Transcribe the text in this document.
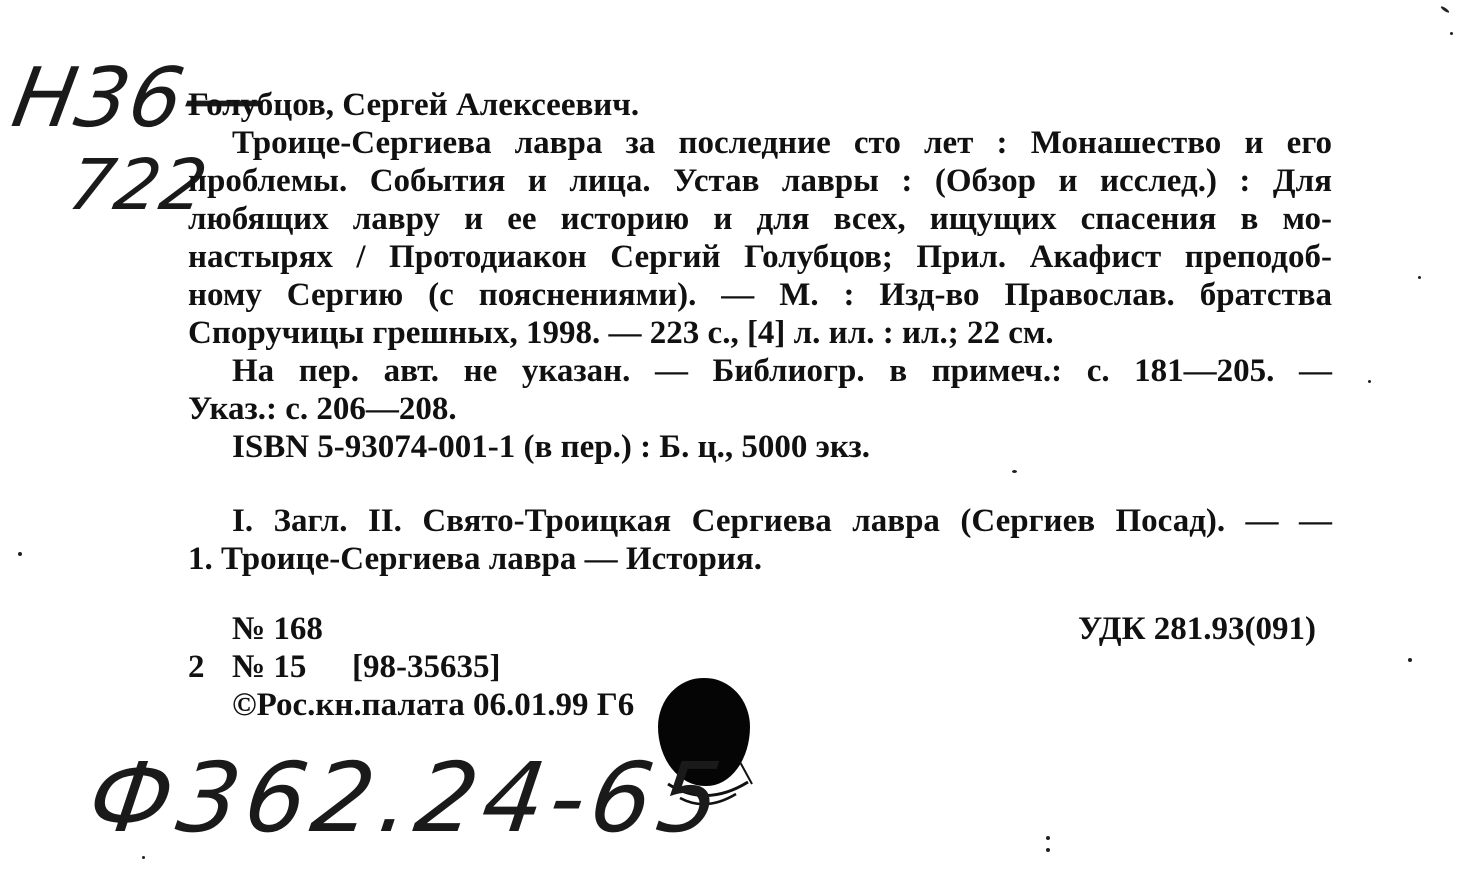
Н36—
722
Голубцов, Сергей Алексеевич.
Троице-Сергиева лавра за последние сто лет : Монашество и его
проблемы. События и лица. Устав лавры : (Обзор и исслед.) : Для
любящих лавру и ее историю и для всех, ищущих спасения в мо-
настырях / Протодиакон Сергий Голубцов; Прил. Акафист преподоб-
ному Сергию (с пояснениями). — М. : Изд-во Православ. братства
Споручицы грешных, 1998. — 223 с., [4] л. ил. : ил.; 22 см.
На пер. авт. не указан. — Библиогр. в примеч.: с. 181—205. —
Указ.: с. 206—208.
ISBN 5-93074-001-1 (в пер.) : Б. ц., 5000 экз.
I. Загл. II. Свято-Троицкая Сергиева лавра (Сергиев Посад). — —
1. Троице-Сергиева лавра — История.
№ 168	УДК 281.93(091)
2 № 15 [98-35635]
©Рос.кн.палата 06.01.99 Г6
Ф362.24-65
